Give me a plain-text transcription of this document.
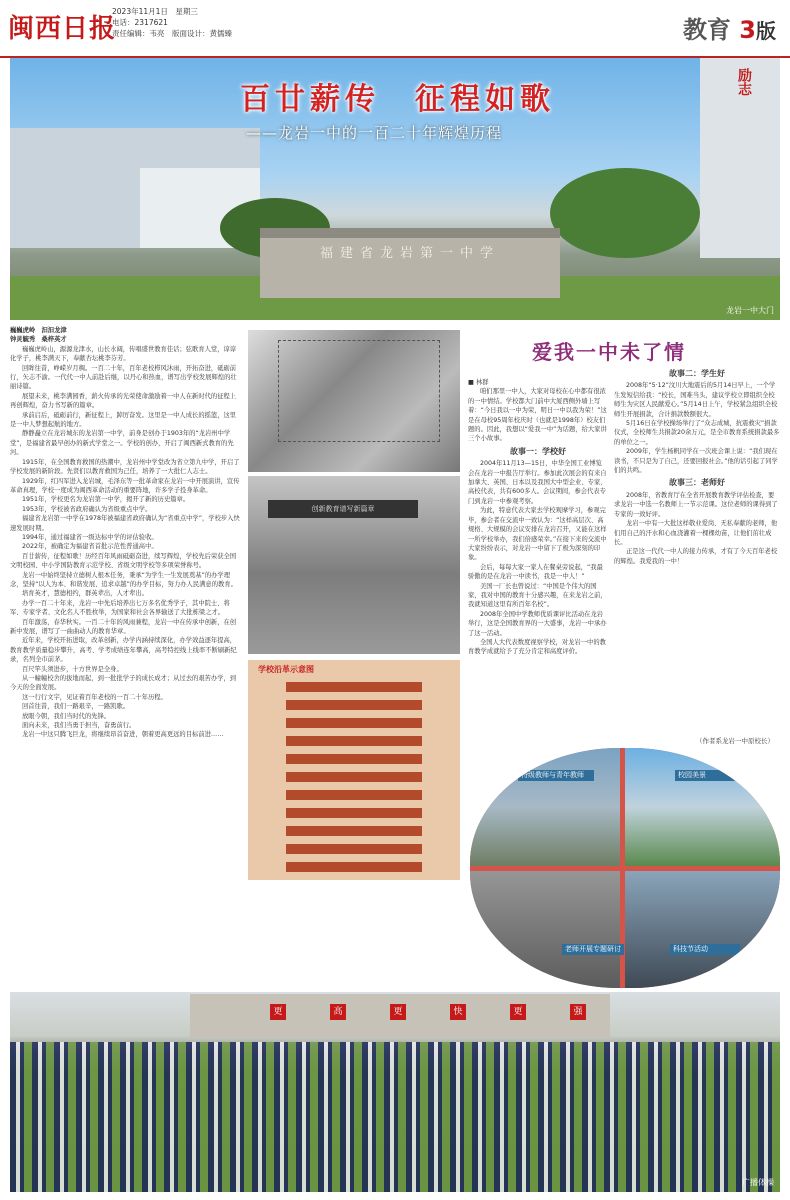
闽西日报
2023年11月1日　星期三
电话：2317621
责任编辑：韦亮　版面设计：黄儒臻	教育 3版
福建省龙岩第一中学
励志
百廿薪传　征程如歌
——龙岩一中的一百二十年辉煌历程
龙岩一中大门
巍巍虎岭　汩汩龙津
钟灵毓秀　桑梓英才

巍巍虎岭山，源源龙津水，山长水阔，传唱盛世教育佳话；弦歌育人堂，谆谆化学子，桃李满天下，奉献杏坛桃李芬芳。

回眸往昔，峥嵘岁月稠。一百二十年，百年老校栉风沐雨，开拓奋进，砥砺前行，矢志不渝。一代代一中人前赴后继，以丹心和热血，谱写出学校发展辉煌的壮丽诗篇。

展望未来，桃李满园香，薪火传承的光荣使命激励着一中人在新时代的征程上再创辉煌，奋力书写新的篇章。

承前启后，砥砺前行，新征程上，踔厉奋发。这里是一中人成长的摇篮，这里是一中人梦想起航的地方。

静静矗立在龙岩城东的龙岩第一中学，前身是创办于1903年的“龙岩州中学堂”，是福建省最早创办的新式学堂之一。学校的创办，开启了闽西新式教育的先河。

1915年，在全国教育救国的热潮中，龙岩州中学堂改为省立第九中学，开启了学校发展的新阶段。先贤们以教育救国为己任，培养了一大批仁人志士。

1929年，红四军进入龙岩城，毛泽东等一批革命家在龙岩一中开展演讲，宣传革命真理，学校一度成为闽西革命活动的重要阵地，许多学子投身革命。

1951年，学校更名为龙岩第一中学，揭开了新的历史篇章。

1953年，学校被省政府确认为省级重点中学。

福建省龙岩第一中学在1978年被福建省政府确认为“省重点中学”，学校步入快速发展时期。

1994年，通过福建省一级达标中学的评估验收。

2022年，被确定为福建省首批示范性普通高中。

百廿薪传，征程如歌！历经百年风雨砥砺奋进，续写辉煌，学校先后荣获全国文明校园、中小学国防教育示范学校、省级文明学校等多项荣誉称号。

龙岩一中始终坚持立德树人根本任务，秉承“为学生一生发展奠基”的办学理念，坚持“以人为本、和谐发展、追求卓越”的办学目标，努力办人民满意的教育。

培育英才，慧德相约，群英辈出，人才辈出。

办学一百二十年来，龙岩一中先后培养出七万多名优秀学子，其中院士、将军、专家学者、文化名人不胜枚举，为国家和社会各界输送了大批栋梁之才。

百年激荡，春华秋实。一百二十年的风雨兼程，龙岩一中在传承中创新，在创新中发展，谱写了一曲曲动人的教育华章。

近年来，学校开拓进取，改革创新，办学内涵持续深化，办学效益逐年提高，教育教学质量稳步攀升，高考、学考成绩连年攀高，高考特控线上线率不断刷新纪录，名列全市前茅。

百尺竿头须进步，十方世界是全身。

从一幢幢校舍的拔地而起，到一批批学子的成长成才；从过去的艰苦办学，到今天的全面发展。

这一行行文字，见证着百年老校的一百二十年历程。

回首往昔，我们一路艰辛，一路凯歌。

放眼今朝，我们当时代的先锋。

面向未来，我们当勇于担当，奋勇前行。

龙岩一中这只腾飞巨龙，将继续昂首奋进，朝着更高更远的目标前进……

创新教育谱写新篇章
学校沿革示意图
爱我一中未了情
■ 林群

咱们那里一中人，大家对母校在心中都有很浓的一中情结。学校都大门前中大厦西侧外墙上写着：“今日我以一中为荣，明日一中以我为荣！”这是在母校95周年校庆时（也就是1998年）校友们题的。因此，我想以“爱我一中”为话题，给大家讲三个小故事。

故事一：学校好

2004年11月13—15日，中华全国工业博览会在龙岩一中报告厅举行。参加此次展会的有来自加拿大、英国、日本以及我国大中型企业、专家、高校代表，共有600多人。会议期间，参会代表专门到龙岩一中参观考察。

为此，特意代表大家去学校观摩学习，参观完毕，参会者在交流中一致认为：“这样高层次、高规格、大规模的会议安排在龙岩召开，又能在这样一所学校举办，我们倍感荣幸。”在接下来的交流中大家纷纷表示，对龙岩一中留下了极为深刻的印象。

会后，每每大家一家人在餐桌旁说起，“我最骄傲的是在龙岩一中读书，我是一中人！”

美国一厂长也曾说过：“中国是个伟大的国家，我对中国的教育十分感兴趣，在来龙岩之前，我就知道这里有所百年名校”。

2008年全国中学教师优质课评比活动在龙岩举行，这是全国教育界的一大盛事，龙岩一中承办了这一活动。

全国人大代表数度视察学校，对龙岩一中的教育教学成就给予了充分肯定和高度评价。

故事二：学生好

2008年“5·12”汶川大地震后的5月14日早上，一个学生发短信给我：“校长，国难当头，建议学校立即组织全校师生为灾区人民献爱心。”5月14日上午，学校紧急组织全校师生开展捐款，合计捐款数额很大。

5月16日在学校操场举行了“众志成城，抗震救灾”捐款仪式，全校师生共捐款20余万元，是全市教育系统捐款最多的单位之一。

2009年，学生杨帆同学在一次班会课上说：“我们现在读书，不只是为了自己，还要回报社会。”他的话引起了同学们的共鸣。

故事三：老师好

2008年，省教育厅在全省开展教育教学评估检查，要求龙岩一中选一名教师上一节示范课。这位老师的课得到了专家的一致好评。

龙岩一中有一大批这样敬业爱岗、无私奉献的老师，他们用自己的汗水和心血浇灌着一棵棵幼苗，让他们茁壮成长。

正是这一代代一中人的接力传承，才有了今天百年老校的辉煌。我爱我的一中！

（作者系龙岩一中原校长）
特级教师与青年教师	校园美景
老师开展专题研讨	科技节活动
更	高	更	快	更	强
广播体操
